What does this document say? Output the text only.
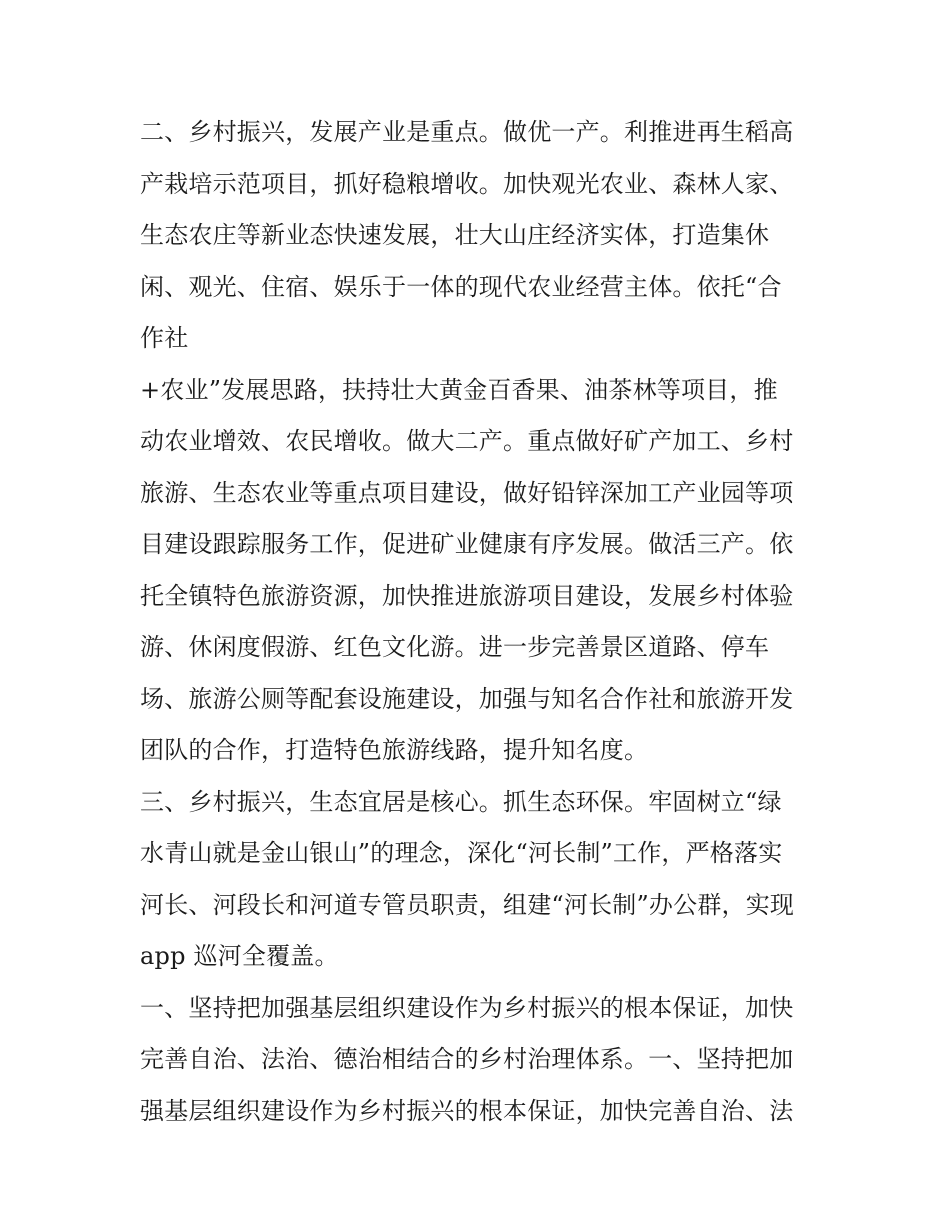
二、乡村振兴，发展产业是重点。做优一产。利推进再生稻高
产栽培示范项目，抓好稳粮增收。加快观光农业、森林人家、
生态农庄等新业态快速发展，壮大山庄经济实体，打造集休
闲、观光、住宿、娱乐于一体的现代农业经营主体。依托“合
作社
+农业”发展思路，扶持壮大黄金百香果、油茶林等项目，推
动农业增效、农民增收。做大二产。重点做好矿产加工、乡村
旅游、生态农业等重点项目建设，做好铅锌深加工产业园等项
目建设跟踪服务工作，促进矿业健康有序发展。做活三产。依
托全镇特色旅游资源，加快推进旅游项目建设，发展乡村体验
游、休闲度假游、红色文化游。进一步完善景区道路、停车
场、旅游公厕等配套设施建设，加强与知名合作社和旅游开发
团队的合作，打造特色旅游线路，提升知名度。
三、乡村振兴，生态宜居是核心。抓生态环保。牢固树立“绿
水青山就是金山银山”的理念，深化“河长制”工作，严格落实
河长、河段长和河道专管员职责，组建“河长制”办公群，实现
app 巡河全覆盖。
一、坚持把加强基层组织建设作为乡村振兴的根本保证，加快
完善自治、法治、德治相结合的乡村治理体系。一、坚持把加
强基层组织建设作为乡村振兴的根本保证，加快完善自治、法
